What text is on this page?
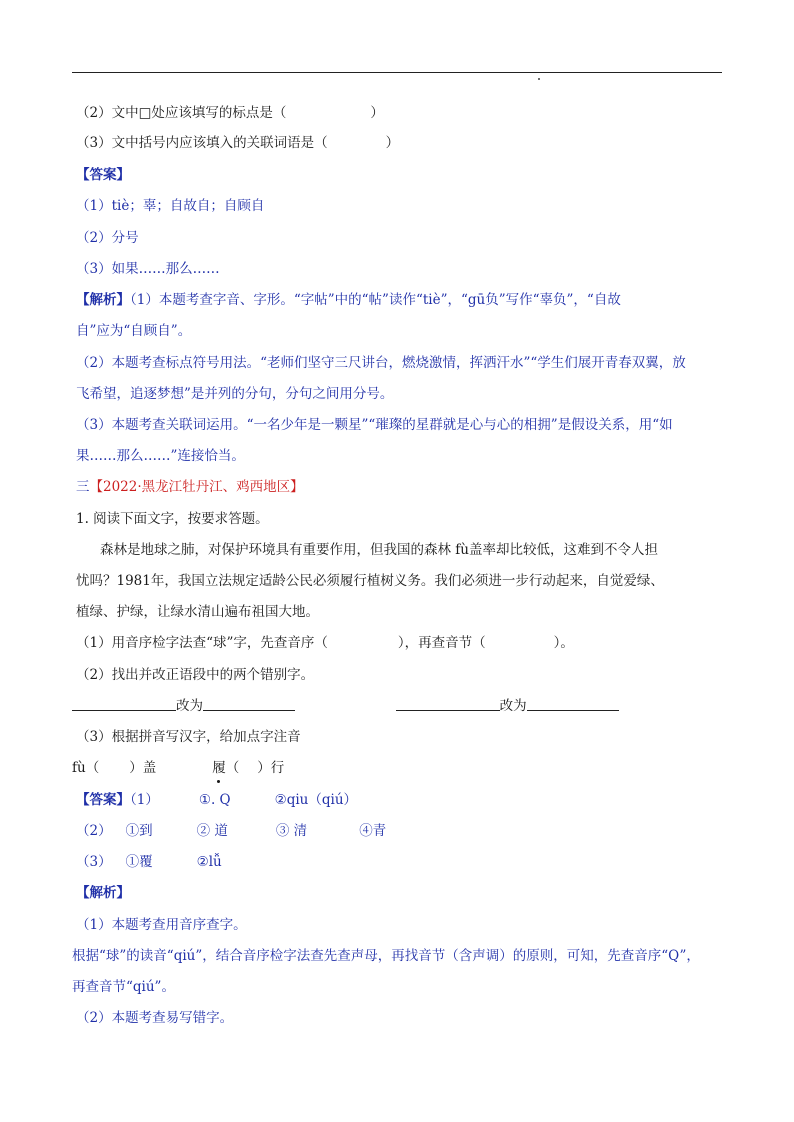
（2）文中□处应该填写的标点是（	）
（3）文中括号内应该填入的关联词语是（	）
【答案】
（1）tiè；辜；自故自；自顾自
（2）分号
（3）如果……那么……
【解析】（1）本题考查字音、字形。“字帖”中的“帖”读作“tiè”，“gū负”写作“辜负”，“自故
自”应为“自顾自”。
（2）本题考查标点符号用法。“老师们坚守三尺讲台，燃烧激情，挥洒汗水”“学生们展开青春双翼，放
飞希望，追逐梦想”是并列的分句，分句之间用分号。
（3）本题考查关联词运用。“一名少年是一颗星”“璀璨的星群就是心与心的相拥”是假设关系，用“如
果……那么……”连接恰当。
三【2022·黑龙江牡丹江、鸡西地区】
1. 阅读下面文字，按要求答题。
森林是地球之肺，对保护环境具有重要作用，但我国的森林 fù盖率却比较低，这难到不令人担
忧吗？1981年，我国立法规定适龄公民必须履行植树义务。我们必须进一步行动起来，自觉爱绿、
植绿、护绿，让绿水清山遍布祖国大地。
（1）用音序检字法查“球”字，先查音序（	），再查音节（	）。
（2）找出并改正语段中的两个错别字。
改为	改为
（3）根据拼音写汉字，给加点字注音
fù（ ）盖	履（ ）行
【答案】（1）	①. Q	②qiu（qiú）
（2） ①到	② 道	③ 清	④青
（3） ①覆	②lǚ
【解析】
（1）本题考查用音序查字。
根据“球”的读音“qiú”，结合音序检字法查先查声母，再找音节（含声调）的原则，可知，先查音序“Q”，
再查音节“qiú”。
（2）本题考查易写错字。
